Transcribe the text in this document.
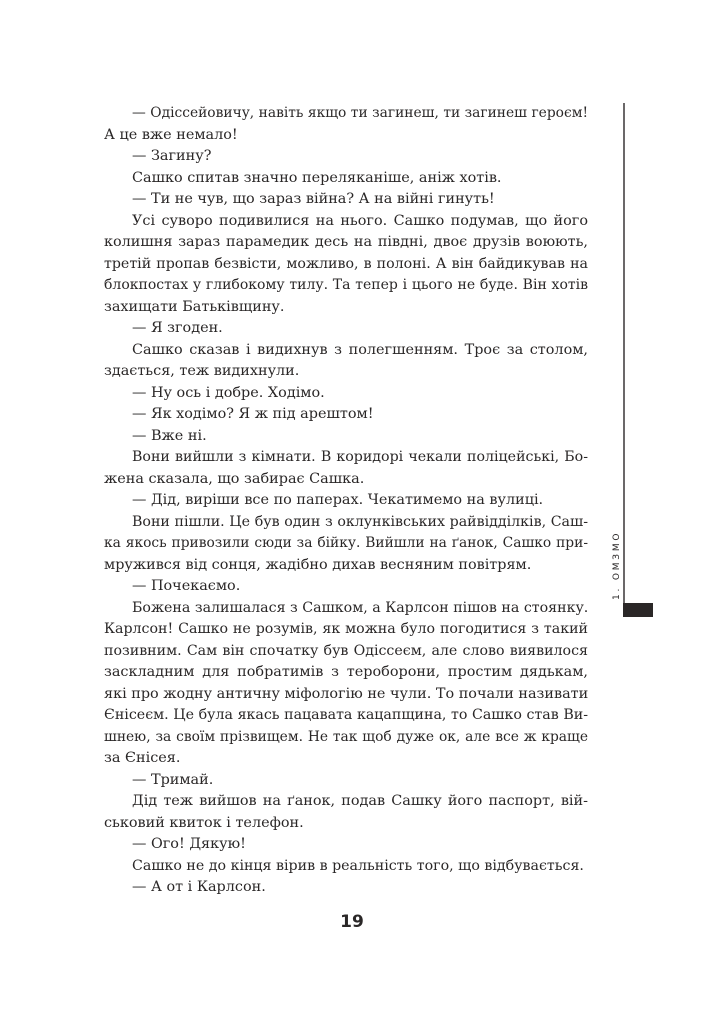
— Одіссейовичу, навіть якщо ти загинеш, ти загинеш героєм!
А це вже немало!
— Загину?
Сашко спитав значно переляканіше, аніж хотів.
— Ти не чув, що зараз війна? А на війні гинуть!
Усі суворо подивилися на нього. Сашко подумав, що його
колишня зараз парамедик десь на півдні, двоє друзів воюють,
третій пропав безвісти, можливо, в полоні. А він байдикував на
блокпостах у глибокому тилу. Та тепер і цього не буде. Він хотів
захищати Батьківщину.
— Я згоден.
Сашко сказав і видихнув з полегшенням. Троє за столом,
здається, теж видихнули.
— Ну ось і добре. Ходімо.
— Як ходімо? Я ж під арештом!
— Вже ні.
Вони вийшли з кімнати. В коридорі чекали поліцейські, Бо-
жена сказала, що забирає Сашка.
— Дід, виріши все по паперах. Чекатимемо на вулиці.
Вони пішли. Це був один з оклунківських райвідділків, Саш-
ка якось привозили сюди за бійку. Вийшли на ґанок, Сашко при-
мружився від сонця, жадібно дихав весняним повітрям.
— Почекаємо.
Божена залишалася з Сашком, а Карлсон пішов на стоянку.
Карлсон! Сашко не розумів, як можна було погодитися з такий
позивним. Сам він спочатку був Одіссеєм, але слово виявилося
заскладним для побратимів з тероборони, простим дядькам,
які про жодну античну міфологію не чули. То почали називати
Єнісеєм. Це була якась пацавата кацапщина, то Сашко став Ви-
шнею, за своїм прізвищем. Не так щоб дуже ок, але все ж краще
за Єнісея.
— Тримай.
Дід теж вийшов на ґанок, подав Сашку його паспорт, вій-
ськовий квиток і телефон.
— Ого! Дякую!
Сашко не до кінця вірив в реальність того, що відбувається.
— А от і Карлсон.
1. ОМЗМО
19
